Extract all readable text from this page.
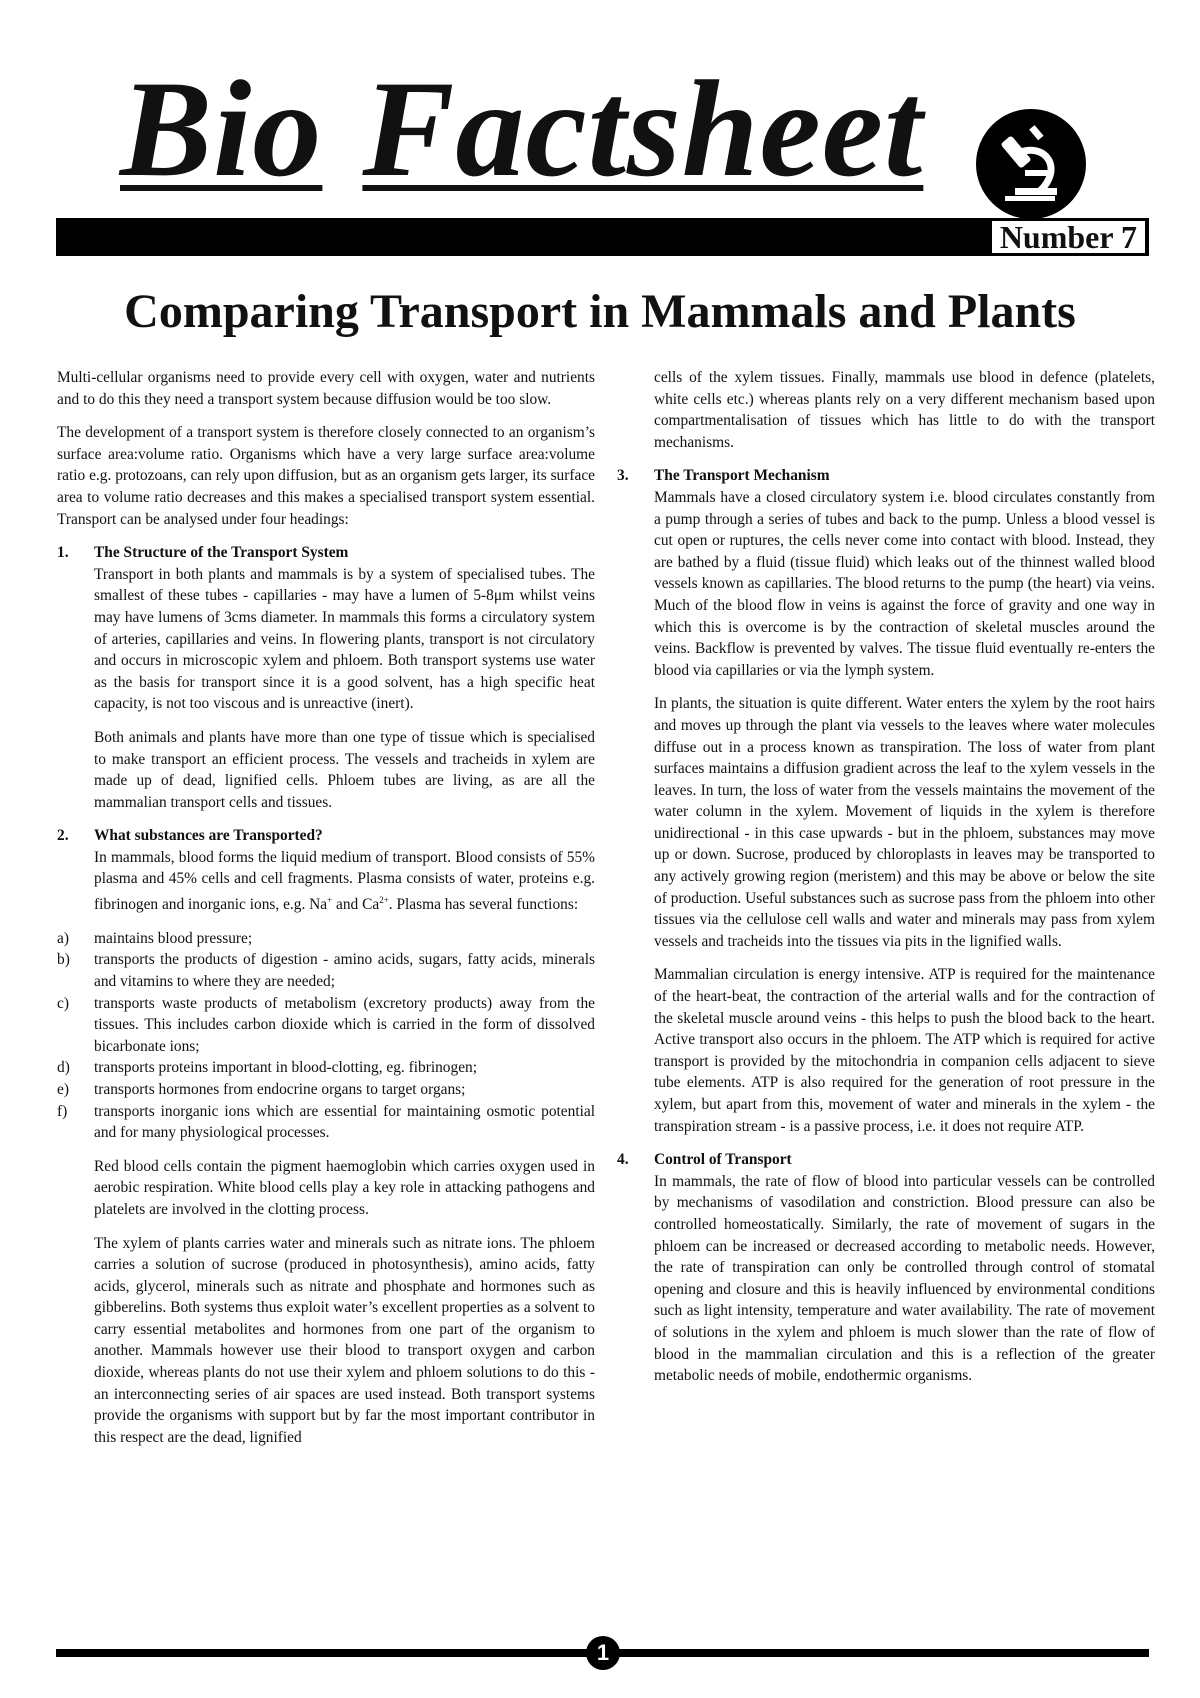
Bio Factsheet
Number 7
Comparing Transport in Mammals and Plants

Multi-cellular organisms need to provide every cell with oxygen, water and nutrients and to do this they need a transport system because diffusion would be too slow.

The development of a transport system is therefore closely connected to an organism’s surface area:volume ratio. Organisms which have a very large surface area:volume ratio e.g. protozoans, can rely upon diffusion, but as an organism gets larger, its surface area to volume ratio decreases and this makes a specialised transport system essential. Transport can be analysed under four headings:

1. The Structure of the Transport System

Transport in both plants and mammals is by a system of specialised tubes. The smallest of these tubes - capillaries - may have a lumen of 5-8μm whilst veins may have lumens of 3cms diameter. In mammals this forms a circulatory system of arteries, capillaries and veins. In flowering plants, transport is not circulatory and occurs in microscopic xylem and phloem. Both transport systems use water as the basis for transport since it is a good solvent, has a high specific heat capacity, is not too viscous and is unreactive (inert).

Both animals and plants have more than one type of tissue which is specialised to make transport an efficient process. The vessels and tracheids in xylem are made up of dead, lignified cells. Phloem tubes are living, as are all the mammalian transport cells and tissues.

2. What substances are Transported?

In mammals, blood forms the liquid medium of transport. Blood consists of 55% plasma and 45% cells and cell fragments. Plasma consists of water, proteins e.g. fibrinogen and inorganic ions, e.g. Na+ and $Ca^{2+}$. Plasma has several functions:

a) maintains blood pressure;
b) transports the products of digestion - amino acids, sugars, fatty acids, minerals and vitamins to where they are needed;
c) transports waste products of metabolism (excretory products) away from the tissues. This includes carbon dioxide which is carried in the form of dissolved bicarbonate ions;
d) transports proteins important in blood-clotting, eg. fibrinogen;
e) transports hormones from endocrine organs to target organs;
f) transports inorganic ions which are essential for maintaining osmotic potential and for many physiological processes.

Red blood cells contain the pigment haemoglobin which carries oxygen used in aerobic respiration. White blood cells play a key role in attacking pathogens and platelets are involved in the clotting process.

The xylem of plants carries water and minerals such as nitrate ions. The phloem carries a solution of sucrose (produced in photosynthesis), amino acids, fatty acids, glycerol, minerals such as nitrate and phosphate and hormones such as gibberelins. Both systems thus exploit water’s excellent properties as a solvent to carry essential metabolites and hormones from one part of the organism to another. Mammals however use their blood to transport oxygen and carbon dioxide, whereas plants do not use their xylem and phloem solutions to do this - an interconnecting series of air spaces are used instead. Both transport systems provide the organisms with support but by far the most important contributor in this respect are the dead, lignified

cells of the xylem tissues. Finally, mammals use blood in defence (platelets, white cells etc.) whereas plants rely on a very different mechanism based upon compartmentalisation of tissues which has little to do with the transport mechanisms.

3. The Transport Mechanism

Mammals have a closed circulatory system i.e. blood circulates constantly from a pump through a series of tubes and back to the pump. Unless a blood vessel is cut open or ruptures, the cells never come into contact with blood. Instead, they are bathed by a fluid (tissue fluid) which leaks out of the thinnest walled blood vessels known as capillaries. The blood returns to the pump (the heart) via veins. Much of the blood flow in veins is against the force of gravity and one way in which this is overcome is by the contraction of skeletal muscles around the veins. Backflow is prevented by valves. The tissue fluid eventually re-enters the blood via capillaries or via the lymph system.

In plants, the situation is quite different. Water enters the xylem by the root hairs and moves up through the plant via vessels to the leaves where water molecules diffuse out in a process known as transpiration. The loss of water from plant surfaces maintains a diffusion gradient across the leaf to the xylem vessels in the leaves. In turn, the loss of water from the vessels maintains the movement of the water column in the xylem. Movement of liquids in the xylem is therefore unidirectional - in this case upwards - but in the phloem, substances may move up or down. Sucrose, produced by chloroplasts in leaves may be transported to any actively growing region (meristem) and this may be above or below the site of production. Useful substances such as sucrose pass from the phloem into other tissues via the cellulose cell walls and water and minerals may pass from xylem vessels and tracheids into the tissues via pits in the lignified walls.

Mammalian circulation is energy intensive. ATP is required for the maintenance of the heart-beat, the contraction of the arterial walls and for the contraction of the skeletal muscle around veins - this helps to push the blood back to the heart. Active transport also occurs in the phloem. The ATP which is required for active transport is provided by the mitochondria in companion cells adjacent to sieve tube elements. ATP is also required for the generation of root pressure in the xylem, but apart from this, movement of water and minerals in the xylem - the transpiration stream - is a passive process, i.e. it does not require ATP.

4. Control of Transport

In mammals, the rate of flow of blood into particular vessels can be controlled by mechanisms of vasodilation and constriction. Blood pressure can also be controlled homeostatically. Similarly, the rate of movement of sugars in the phloem can be increased or decreased according to metabolic needs. However, the rate of transpiration can only be controlled through control of stomatal opening and closure and this is heavily influenced by environmental conditions such as light intensity, temperature and water availability. The rate of movement of solutions in the xylem and phloem is much slower than the rate of flow of blood in the mammalian circulation and this is a reflection of the greater metabolic needs of mobile, endothermic organisms.

1
